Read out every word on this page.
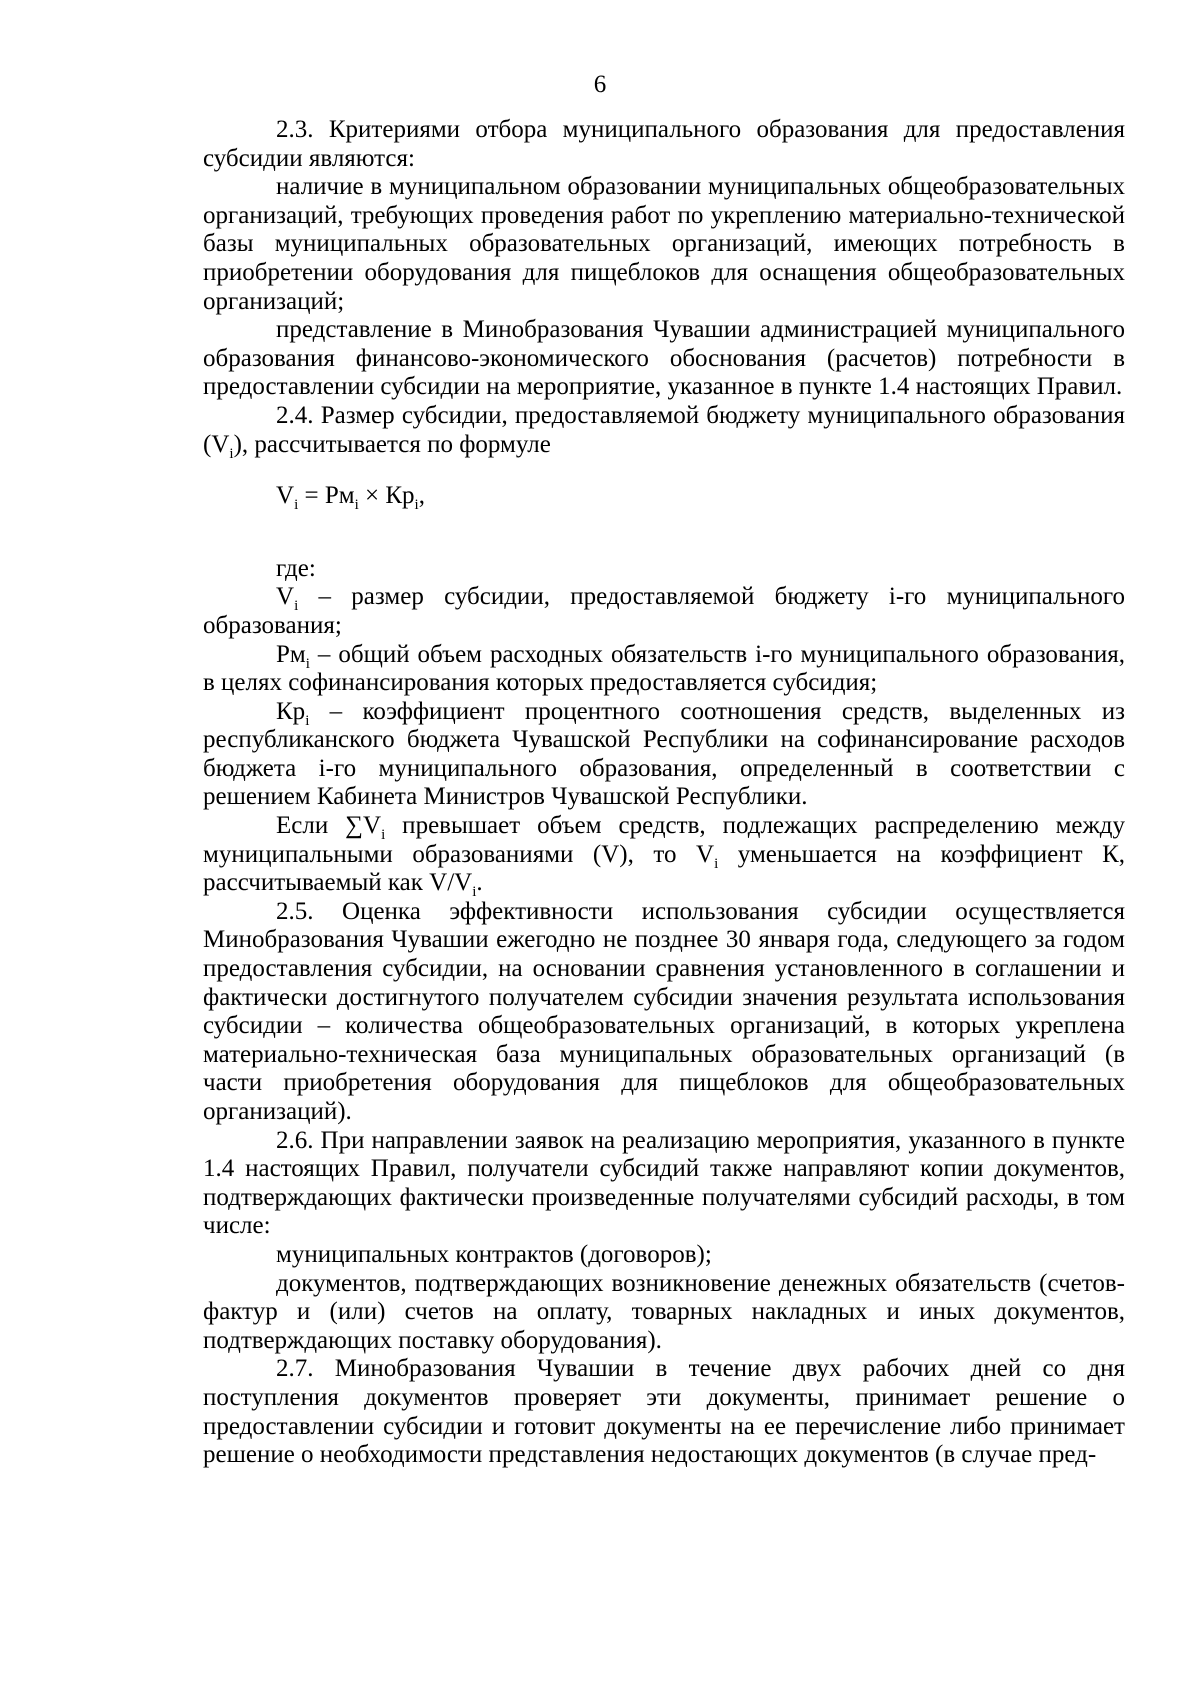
6

2.3. Критериями отбора муниципального образования для предоставления субсидии являются:

наличие в муниципальном образовании муниципальных общеобразовательных организаций, требующих проведения работ по укреплению материально-технической базы муниципальных образовательных организаций, имеющих потребность в приобретении оборудования для пищеблоков для оснащения общеобразовательных организаций;

представление в Минобразования Чувашии администрацией муниципального образования финансово-экономического обоснования (расчетов) потребности в предоставлении субсидии на мероприятие, указанное в пункте 1.4 настоящих Правил.

2.4. Размер субсидии, предоставляемой бюджету муниципального образования $(V_i)$, рассчитывается по формуле

$V_i = Рм_i \times Кр_i$,

где:

$V_i$ – размер субсидии, предоставляемой бюджету i-го муниципального образования;

$Рм_i$ – общий объем расходных обязательств i-го муниципального образования, в целях софинансирования которых предоставляется субсидия;

$Кр_i$ – коэффициент процентного соотношения средств, выделенных из республиканского бюджета Чувашской Республики на софинансирование расходов бюджета i-го муниципального образования, определенный в соответствии с решением Кабинета Министров Чувашской Республики.

Если $\sum V_i$ превышает объем средств, подлежащих распределению между муниципальными образованиями (V), то $V_i$ уменьшается на коэффициент К, рассчитываемый как $V/V_i$.

2.5. Оценка эффективности использования субсидии осуществляется Минобразования Чувашии ежегодно не позднее 30 января года, следующего за годом предоставления субсидии, на основании сравнения установленного в соглашении и фактически достигнутого получателем субсидии значения результата использования субсидии – количества общеобразовательных организаций, в которых укреплена материально-техническая база муниципальных образовательных организаций (в части приобретения оборудования для пищеблоков для общеобразовательных организаций).

2.6. При направлении заявок на реализацию мероприятия, указанного в пункте 1.4 настоящих Правил, получатели субсидий также направляют копии документов, подтверждающих фактически произведенные получателями субсидий расходы, в том числе:

муниципальных контрактов (договоров);

документов, подтверждающих возникновение денежных обязательств (счетов-фактур и (или) счетов на оплату, товарных накладных и иных документов, подтверждающих поставку оборудования).

2.7. Минобразования Чувашии в течение двух рабочих дней со дня поступления документов проверяет эти документы, принимает решение о предоставлении субсидии и готовит документы на ее перечисление либо принимает решение о необходимости представления недостающих документов (в случае пред-
